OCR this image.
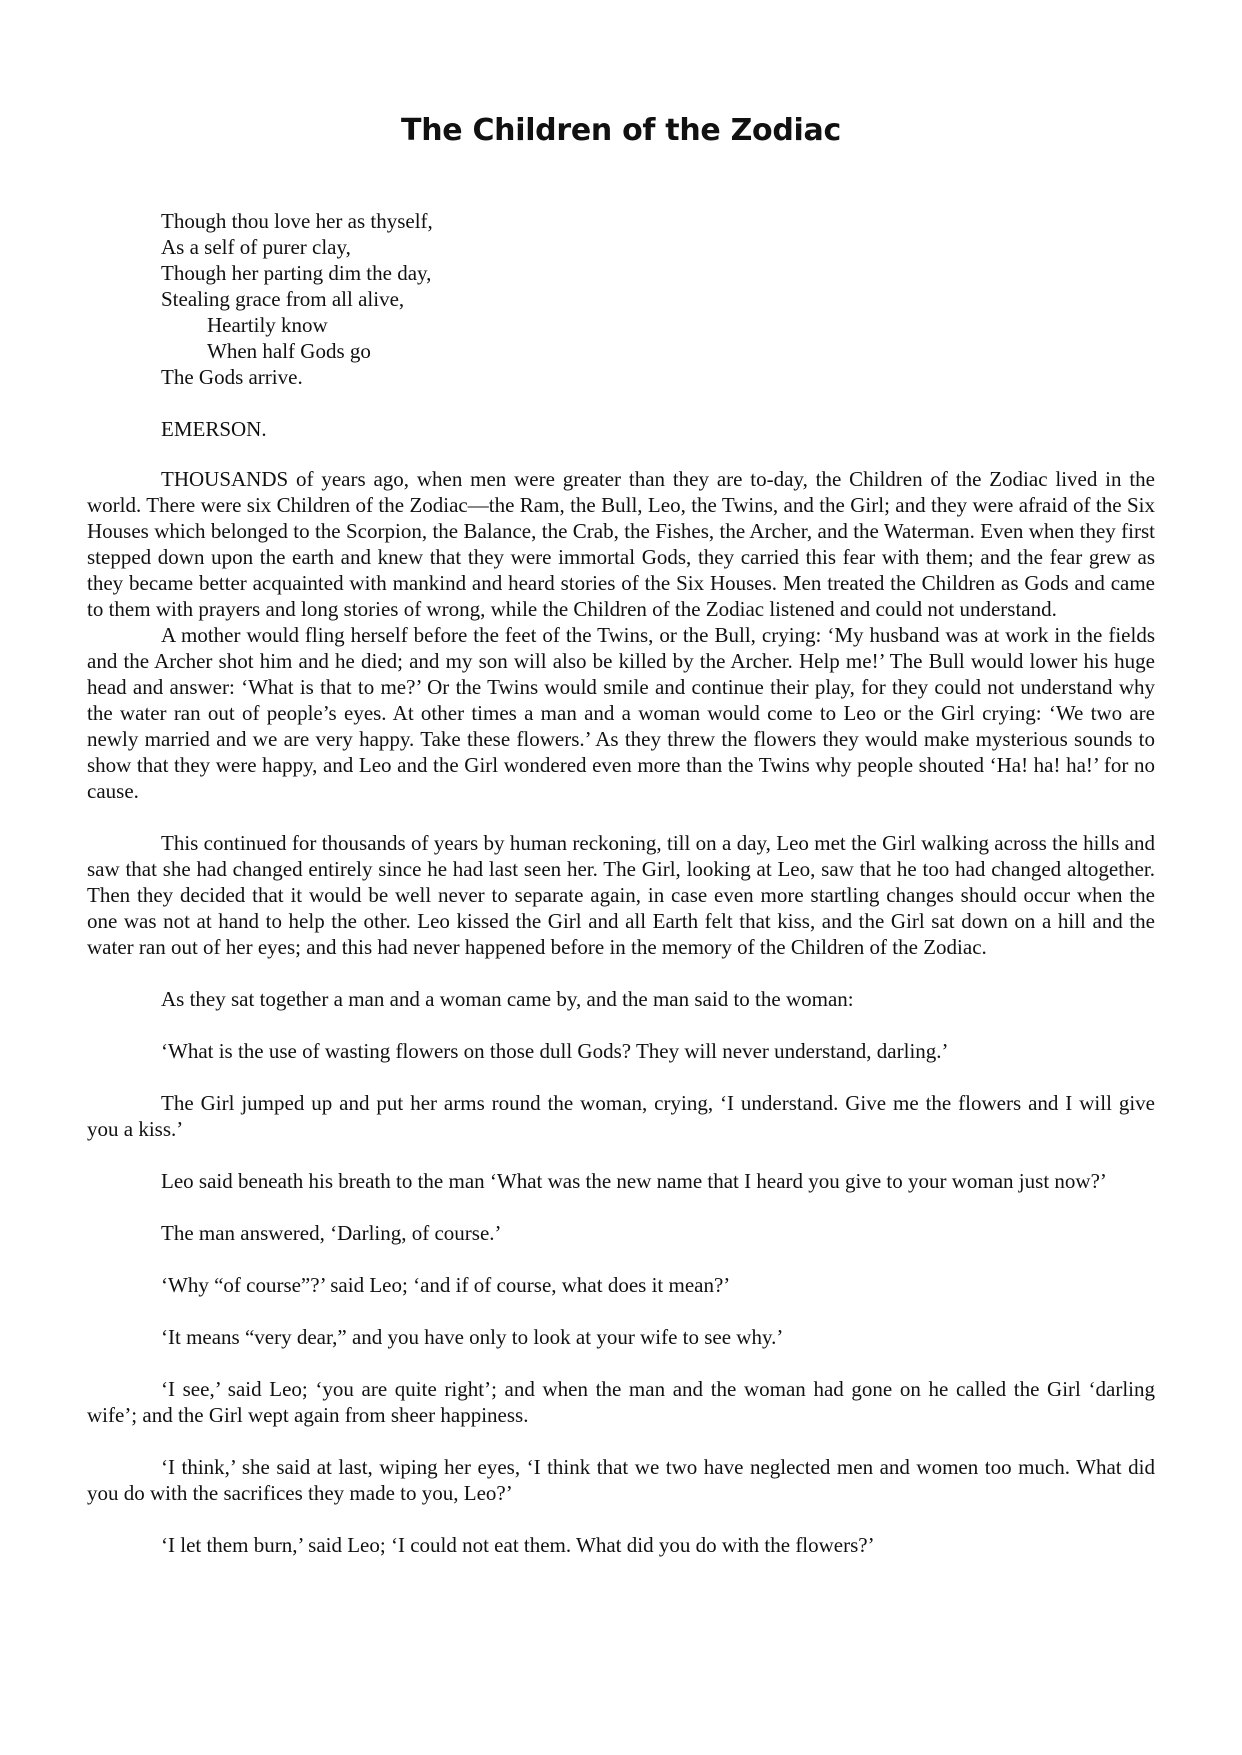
The Children of the Zodiac
Though thou love her as thyself,
As a self of purer clay,
Though her parting dim the day,
Stealing grace from all alive,
Heartily know
When half Gods go
The Gods arrive.
EMERSON.

THOUSANDS of years ago, when men were greater than they are to-day, the Children of the Zodiac lived in the world. There were six Children of the Zodiac—the Ram, the Bull, Leo, the Twins, and the Girl; and they were afraid of the Six Houses which belonged to the Scorpion, the Balance, the Crab, the Fishes, the Archer, and the Waterman. Even when they first stepped down upon the earth and knew that they were immortal Gods, they carried this fear with them; and the fear grew as they became better acquainted with mankind and heard stories of the Six Houses. Men treated the Children as Gods and came to them with prayers and long stories of wrong, while the Children of the Zodiac listened and could not understand.

A mother would fling herself before the feet of the Twins, or the Bull, crying: ‘My husband was at work in the fields and the Archer shot him and he died; and my son will also be killed by the Archer. Help me!’ The Bull would lower his huge head and answer: ‘What is that to me?’ Or the Twins would smile and continue their play, for they could not understand why the water ran out of people’s eyes. At other times a man and a woman would come to Leo or the Girl crying: ‘We two are newly married and we are very happy. Take these flowers.’ As they threw the flowers they would make mysterious sounds to show that they were happy, and Leo and the Girl wondered even more than the Twins why people shouted ‘Ha! ha! ha!’ for no cause.

This continued for thousands of years by human reckoning, till on a day, Leo met the Girl walking across the hills and saw that she had changed entirely since he had last seen her. The Girl, looking at Leo, saw that he too had changed altogether. Then they decided that it would be well never to separate again, in case even more startling changes should occur when the one was not at hand to help the other. Leo kissed the Girl and all Earth felt that kiss, and the Girl sat down on a hill and the water ran out of her eyes; and this had never happened before in the memory of the Children of the Zodiac.

As they sat together a man and a woman came by, and the man said to the woman:

‘What is the use of wasting flowers on those dull Gods? They will never understand, darling.’

The Girl jumped up and put her arms round the woman, crying, ‘I understand. Give me the flowers and I will give you a kiss.’

Leo said beneath his breath to the man ‘What was the new name that I heard you give to your woman just now?’

The man answered, ‘Darling, of course.’

‘Why “of course”?’ said Leo; ‘and if of course, what does it mean?’

‘It means “very dear,” and you have only to look at your wife to see why.’

‘I see,’ said Leo; ‘you are quite right’; and when the man and the woman had gone on he called the Girl ‘darling wife’; and the Girl wept again from sheer happiness.

‘I think,’ she said at last, wiping her eyes, ‘I think that we two have neglected men and women too much. What did you do with the sacrifices they made to you, Leo?’

‘I let them burn,’ said Leo; ‘I could not eat them. What did you do with the flowers?’
